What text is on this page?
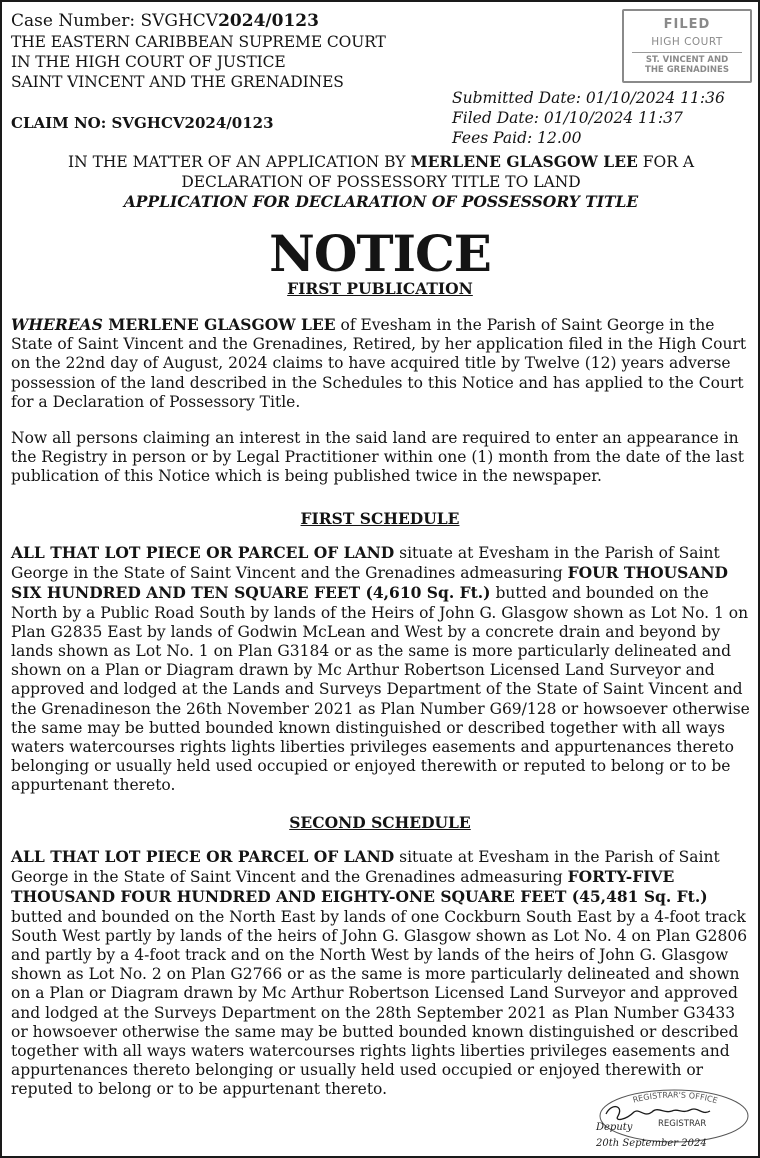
Case Number: SVGHCV2024/0123
THE EASTERN CARIBBEAN SUPREME COURT
IN THE HIGH COURT OF JUSTICE
SAINT VINCENT AND THE GRENADINES
CLAIM NO: SVGHCV2024/0123
FILED
HIGH COURT
ST. VINCENT AND
THE GRENADINES
Submitted Date: 01/10/2024 11:36
Filed Date: 01/10/2024 11:37
Fees Paid: 12.00
IN THE MATTER OF AN APPLICATION BY MERLENE GLASGOW LEE FOR A
DECLARATION OF POSSESSORY TITLE TO LAND
APPLICATION FOR DECLARATION OF POSSESSORY TITLE
NOTICE
FIRST PUBLICATION
WHEREAS MERLENE GLASGOW LEE of Evesham in the Parish of Saint George in the State of Saint Vincent and the Grenadines, Retired, by her application filed in the High Court on the 22nd day of August, 2024 claims to have acquired title by Twelve (12) years adverse possession of the land described in the Schedules to this Notice and has applied to the Court for a Declaration of Possessory Title.
Now all persons claiming an interest in the said land are required to enter an appearance in the Registry in person or by Legal Practitioner within one (1) month from the date of the last publication of this Notice which is being published twice in the newspaper.
FIRST SCHEDULE
ALL THAT LOT PIECE OR PARCEL OF LAND situate at Evesham in the Parish of Saint George in the State of Saint Vincent and the Grenadines admeasuring FOUR THOUSAND SIX HUNDRED AND TEN SQUARE FEET (4,610 Sq. Ft.) butted and bounded on the North by a Public Road South by lands of the Heirs of John G. Glasgow shown as Lot No. 1 on Plan G2835 East by lands of Godwin McLean and West by a concrete drain and beyond by lands shown as Lot No. 1 on Plan G3184 or as the same is more particularly delineated and shown on a Plan or Diagram drawn by Mc Arthur Robertson Licensed Land Surveyor and approved and lodged at the Lands and Surveys Department of the State of Saint Vincent and the Grenadineson the 26th November 2021 as Plan Number G69/128 or howsoever otherwise the same may be butted bounded known distinguished or described together with all ways waters watercourses rights lights liberties privileges easements and appurtenances thereto belonging or usually held used occupied or enjoyed therewith or reputed to belong or to be appurtenant thereto.
SECOND SCHEDULE
ALL THAT LOT PIECE OR PARCEL OF LAND situate at Evesham in the Parish of Saint George in the State of Saint Vincent and the Grenadines admeasuring FORTY-FIVE THOUSAND FOUR HUNDRED AND EIGHTY-ONE SQUARE FEET (45,481 Sq. Ft.) butted and bounded on the North East by lands of one Cockburn South East by a 4-foot track South West partly by lands of the heirs of John G. Glasgow shown as Lot No. 4 on Plan G2806 and partly by a 4-foot track and on the North West by lands of the heirs of John G. Glasgow shown as Lot No. 2 on Plan G2766 or as the same is more particularly delineated and shown on a Plan or Diagram drawn by Mc Arthur Robertson Licensed Land Surveyor and approved and lodged at the Surveys Department on the 28th September 2021 as Plan Number G3433 or howsoever otherwise the same may be butted bounded known distinguished or described together with all ways waters watercourses rights lights liberties privileges easements and appurtenances thereto belonging or usually held used occupied or enjoyed therewith or reputed to belong or to be appurtenant thereto.
REGISTRAR'S OFFICE
REGISTRAR
Deputy
20th September 2024
